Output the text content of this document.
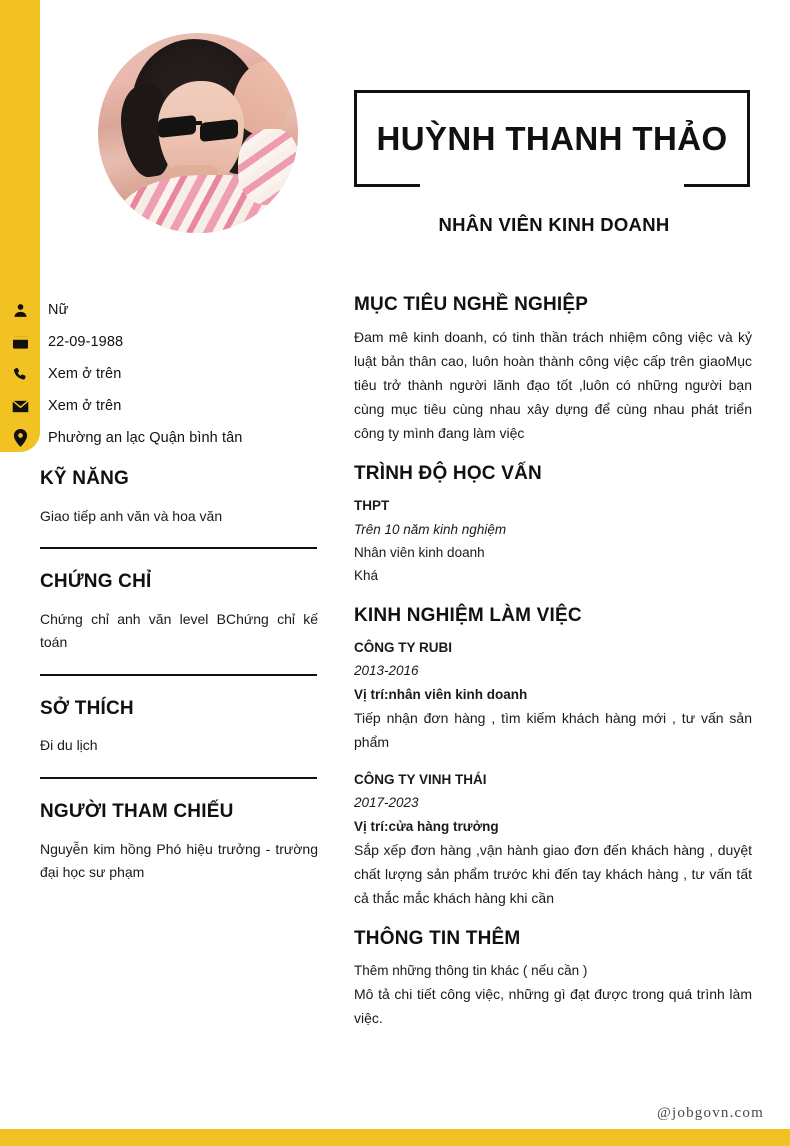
Nữ
22-09-1988
Xem ở trên
Xem ở trên
Phường an lạc Quận bình tân
KỸ NĂNG
Giao tiếp anh văn và hoa văn
CHỨNG CHỈ
Chứng chỉ anh văn level BChứng chỉ kế toán
SỞ THÍCH
Đi du lịch
NGƯỜI THAM CHIẾU
Nguyễn kim hồng Phó hiệu trưởng - trường đại học sư phạm
HUỲNH THANH THẢO
NHÂN VIÊN KINH DOANH
MỤC TIÊU NGHỀ NGHIỆP
Đam mê kinh doanh, có tinh thần trách nhiệm công việc và kỷ luật bản thân cao, luôn hoàn thành công việc cấp trên giaoMục tiêu trở thành người lãnh đạo tốt ,luôn có những người bạn cùng mục tiêu cùng nhau xây dựng để cùng nhau phát triển công ty mình đang làm việc
TRÌNH ĐỘ HỌC VẤN
THPT
Trên 10 năm kinh nghiệm
Nhân viên kinh doanh
Khá
KINH NGHIỆM LÀM VIỆC
CÔNG TY RUBI
2013-2016
Vị trí:nhân viên kinh doanh
Tiếp nhận đơn hàng , tìm kiếm khách hàng mới , tư vấn sản phẩm
CÔNG TY VINH THÁI
2017-2023
Vị trí:cửa hàng trưởng
Sắp xếp đơn hàng ,vận hành giao đơn đến khách hàng , duyệt chất lượng sản phẩm trước khi đến tay khách hàng , tư vấn tất cả thắc mắc khách hàng khi cần
THÔNG TIN THÊM
Thêm những thông tin khác ( nếu cần )
Mô tả chi tiết công việc, những gì đạt được trong quá trình làm việc.
@jobgovn.com
